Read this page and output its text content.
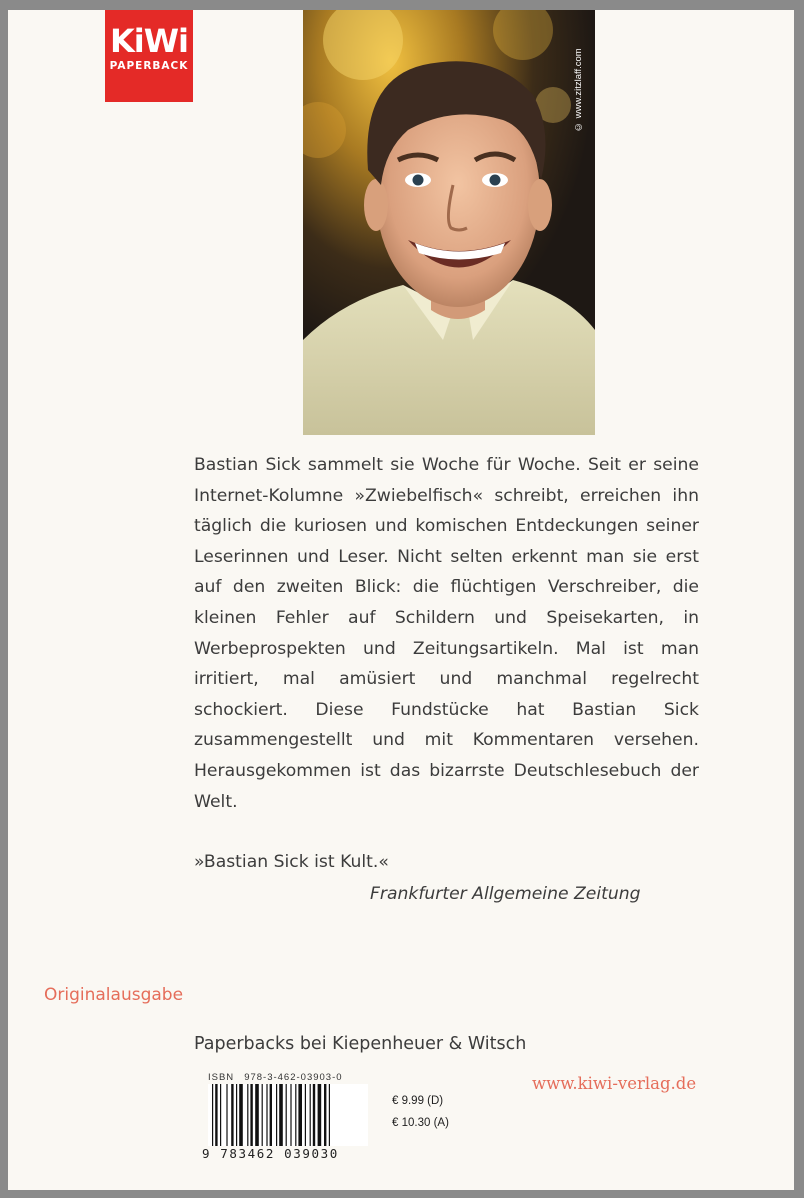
KiWi
PAPERBACK	© www.zitzlaff.com
Bastian Sick sammelt sie Woche für Woche. Seit er seine Internet-Kolumne »Zwiebelfisch« schreibt, erreichen ihn täglich die kuriosen und komischen Entdeckungen seiner Leserinnen und Leser. Nicht selten erkennt man sie erst auf den zweiten Blick: die flüchtigen Verschreiber, die kleinen Fehler auf Schildern und Speisekarten, in Werbeprospekten und Zeitungsartikeln. Mal ist man irritiert, mal amüsiert und manchmal regelrecht schockiert. Diese Fundstücke hat Bastian Sick zusammengestellt und mit Kommentaren versehen. Herausgekommen ist das bizarrste Deutschlesebuch der Welt.
»Bastian Sick ist Kult.«
Frankfurter Allgemeine Zeitung
Originalausgabe
Paperbacks bei Kiepenheuer & Witsch
ISBN 978-3-462-03903-0
9 783462 039030
€ 9.99 (D)
€ 10.30 (A)
www.kiwi-verlag.de
